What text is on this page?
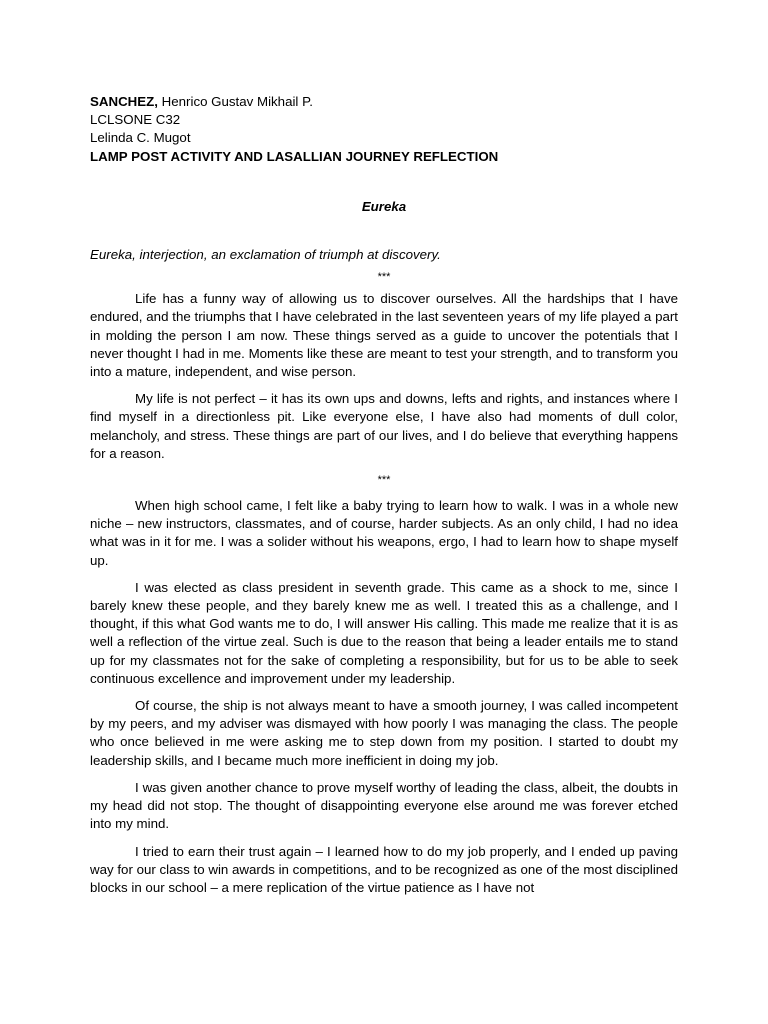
SANCHEZ, Henrico Gustav Mikhail P.
LCLSONE C32
Lelinda C. Mugot
LAMP POST ACTIVITY AND LASALLIAN JOURNEY REFLECTION
Eureka
Eureka, interjection, an exclamation of triumph at discovery.
***

Life has a funny way of allowing us to discover ourselves. All the hardships that I have endured, and the triumphs that I have celebrated in the last seventeen years of my life played a part in molding the person I am now. These things served as a guide to uncover the potentials that I never thought I had in me. Moments like these are meant to test your strength, and to transform you into a mature, independent, and wise person.

My life is not perfect – it has its own ups and downs, lefts and rights, and instances where I find myself in a directionless pit. Like everyone else, I have also had moments of dull color, melancholy, and stress. These things are part of our lives, and I do believe that everything happens for a reason.

***

When high school came, I felt like a baby trying to learn how to walk. I was in a whole new niche – new instructors, classmates, and of course, harder subjects. As an only child, I had no idea what was in it for me. I was a solider without his weapons, ergo, I had to learn how to shape myself up.

I was elected as class president in seventh grade. This came as a shock to me, since I barely knew these people, and they barely knew me as well. I treated this as a challenge, and I thought, if this what God wants me to do, I will answer His calling. This made me realize that it is as well a reflection of the virtue zeal. Such is due to the reason that being a leader entails me to stand up for my classmates not for the sake of completing a responsibility, but for us to be able to seek continuous excellence and improvement under my leadership.

Of course, the ship is not always meant to have a smooth journey, I was called incompetent by my peers, and my adviser was dismayed with how poorly I was managing the class. The people who once believed in me were asking me to step down from my position. I started to doubt my leadership skills, and I became much more inefficient in doing my job.

I was given another chance to prove myself worthy of leading the class, albeit, the doubts in my head did not stop. The thought of disappointing everyone else around me was forever etched into my mind.

I tried to earn their trust again – I learned how to do my job properly, and I ended up paving way for our class to win awards in competitions, and to be recognized as one of the most disciplined blocks in our school – a mere replication of the virtue patience as I have not
